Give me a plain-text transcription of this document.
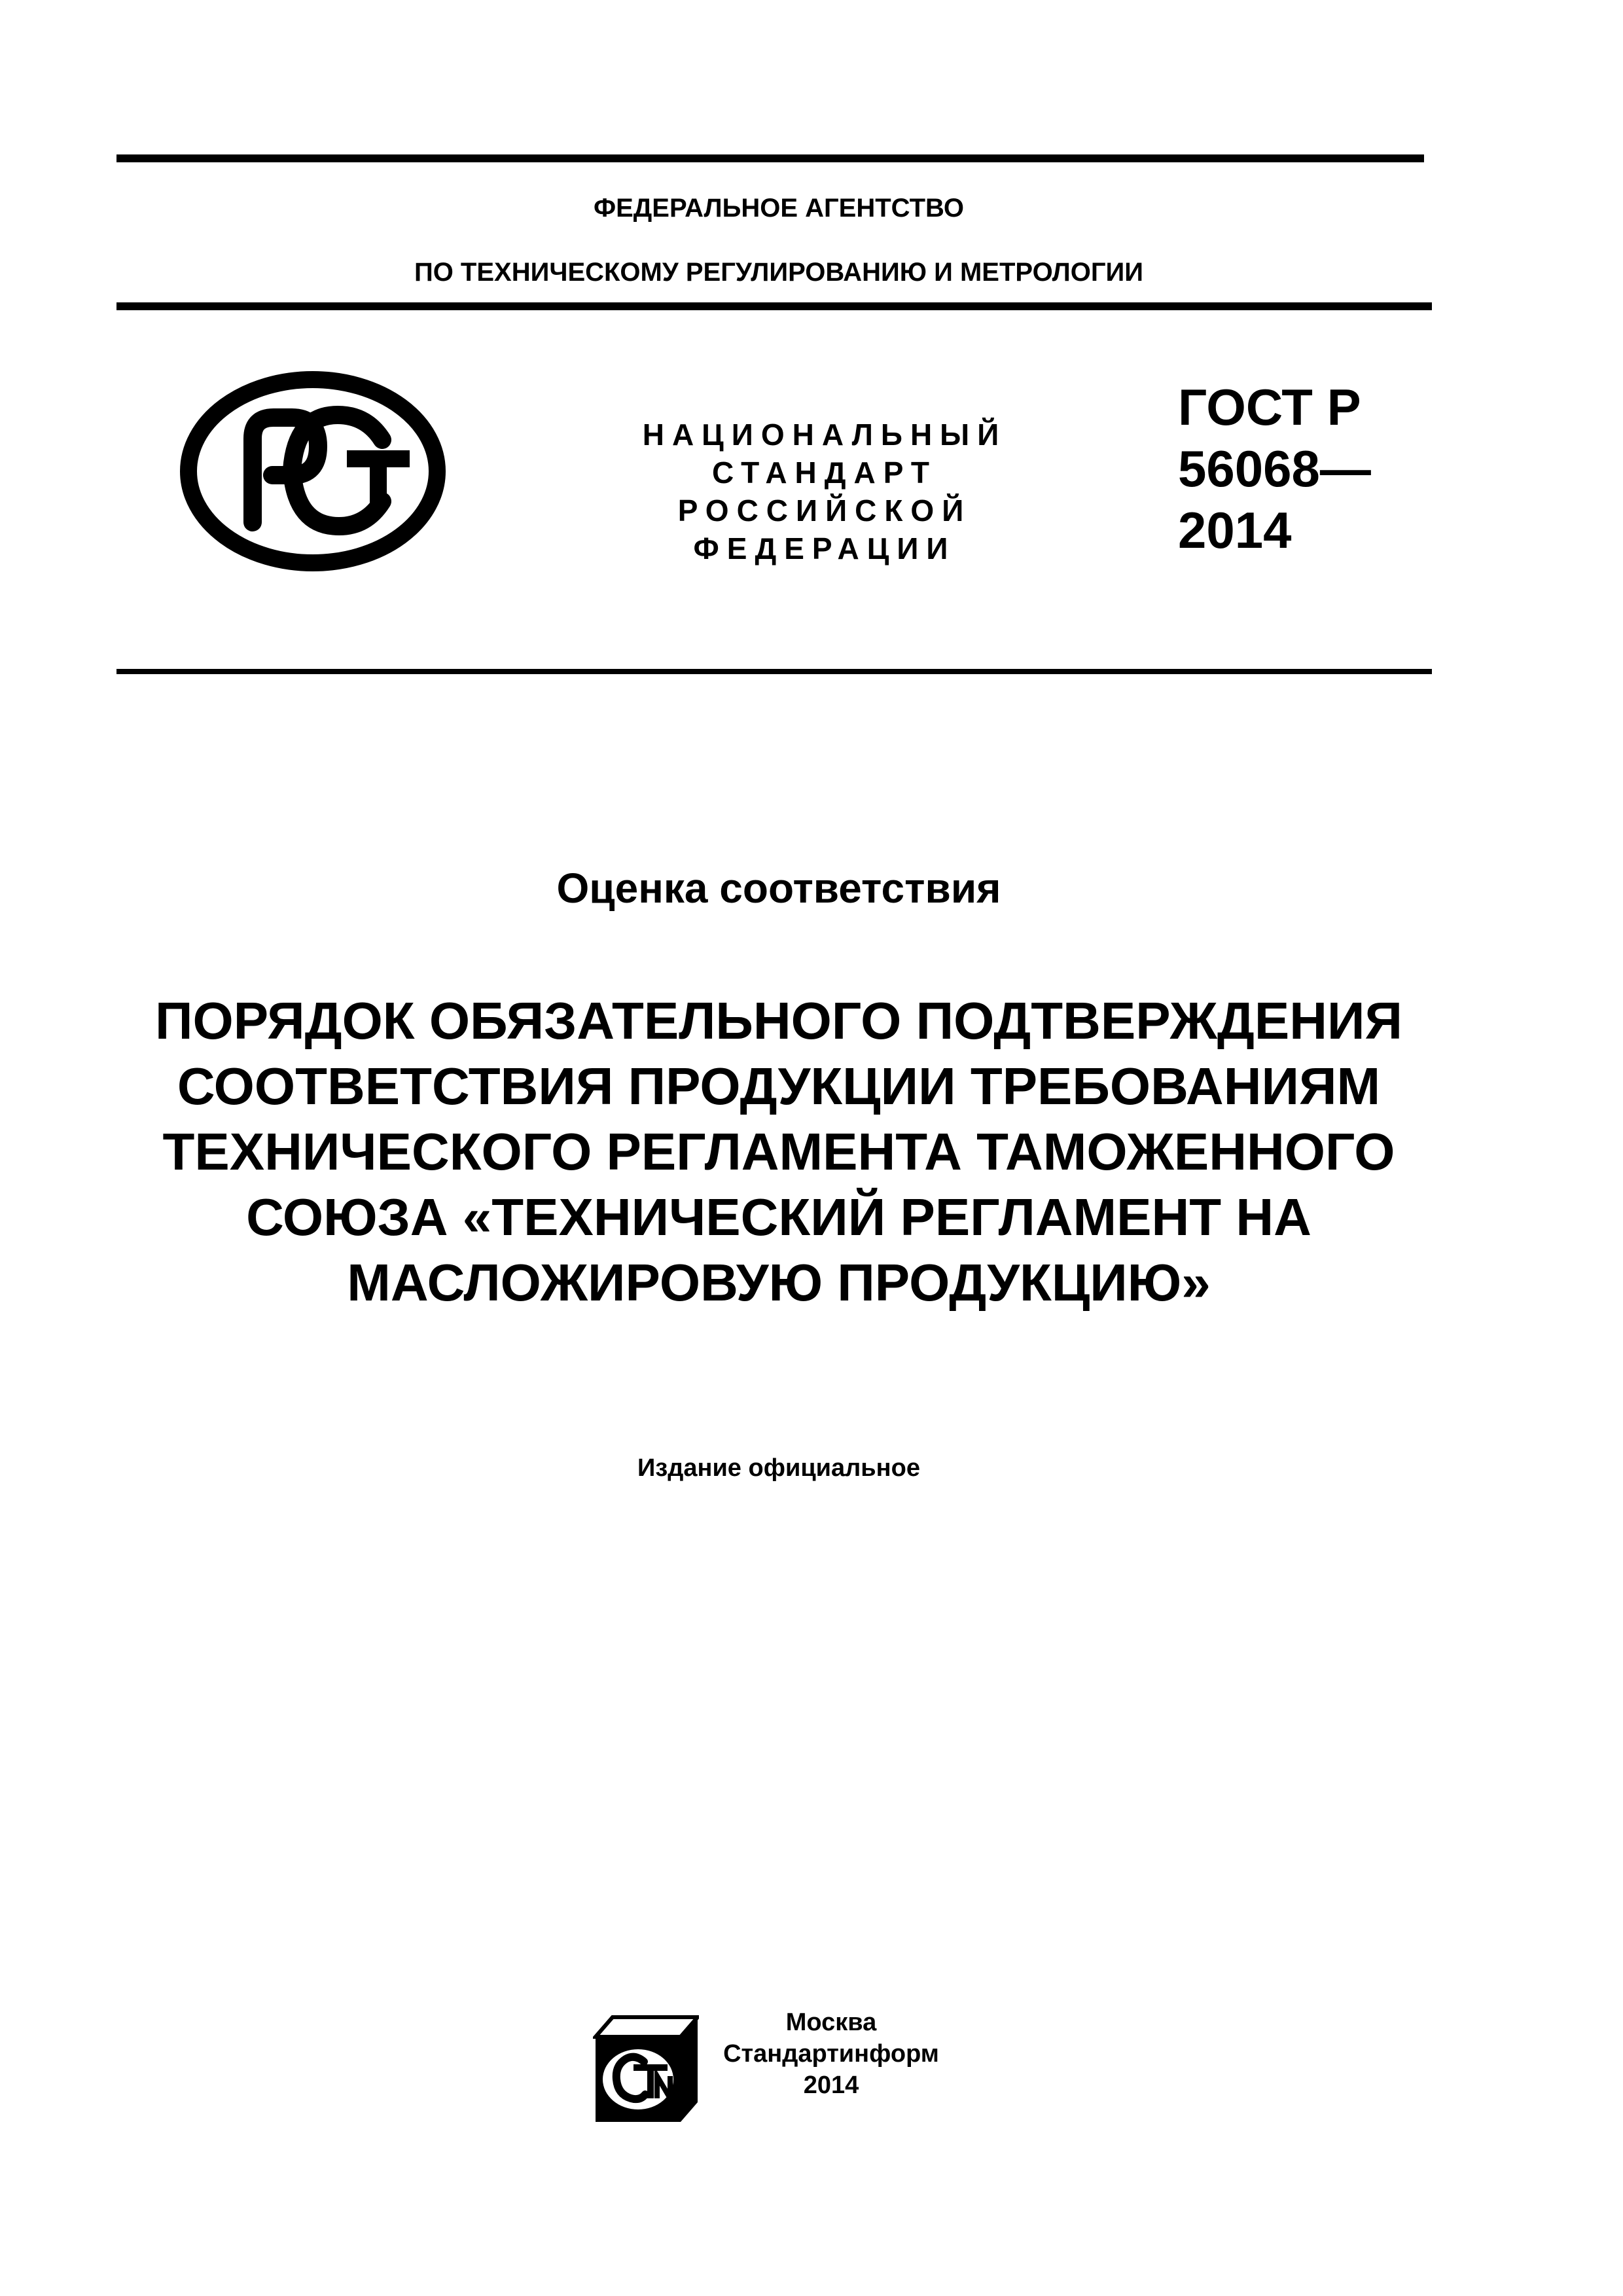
ФЕДЕРАЛЬНОЕ АГЕНТСТВО
ПО ТЕХНИЧЕСКОМУ РЕГУЛИРОВАНИЮ И МЕТРОЛОГИИ
НАЦИОНАЛЬНЫЙ
СТАНДАРТ
РОССИЙСКОЙ
ФЕДЕРАЦИИ
ГОСТ Р
56068—
2014
Оценка соответствия
ПОРЯДОК ОБЯЗАТЕЛЬНОГО ПОДТВЕРЖДЕНИЯ
СООТВЕТСТВИЯ ПРОДУКЦИИ ТРЕБОВАНИЯМ
ТЕХНИЧЕСКОГО РЕГЛАМЕНТА ТАМОЖЕННОГО
СОЮЗА «ТЕХНИЧЕСКИЙ РЕГЛАМЕНТ НА
МАСЛОЖИРОВУЮ ПРОДУКЦИЮ»
Издание официальное
Москва
Стандартинформ
2014
